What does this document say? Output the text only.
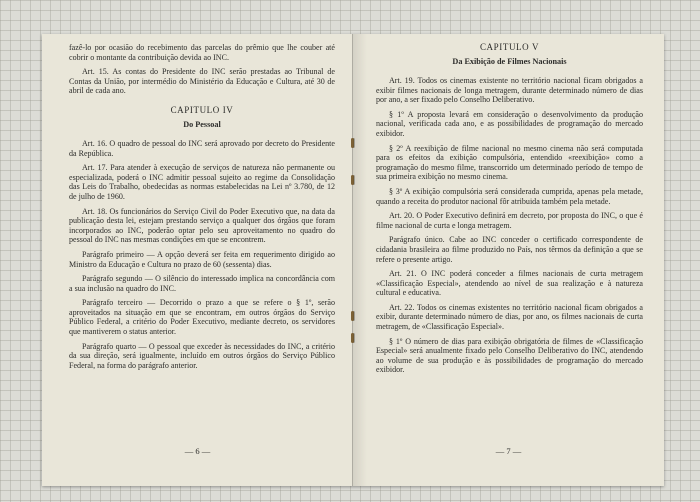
fazê-lo por ocasião do recebimento das parcelas do prêmio que lhe couber até cobrir o montante da contribuição devida ao INC.

Art. 15. As contas do Presidente do INC serão prestadas ao Tribunal de Contas da União, por intermédio do Ministério da Educação e Cultura, até 30 de abril de cada ano.

CAPITULO IV
Do Pessoal

Art. 16. O quadro de pessoal do INC será aprovado por decreto do Presidente da República.

Art. 17. Para atender à execução de serviços de natureza não permanente ou especializada, poderá o INC admitir pessoal sujeito ao regime da Consolidação das Leis do Trabalho, obedecidas as normas estabelecidas na Lei nº 3.780, de 12 de julho de 1960.

Art. 18. Os funcionários do Serviço Civil do Poder Executivo que, na data da publicação desta lei, estejam prestando serviço a qualquer dos órgãos que foram incorporados ao INC, poderão optar pelo seu aproveitamento no quadro do pessoal do INC nas mesmas condições em que se encontrem.

Parágrafo primeiro — A opção deverá ser feita em requerimento dirigido ao Ministro da Educação e Cultura no prazo de 60 (sessenta) dias.

Parágrafo segundo — O silêncio do interessado implica na concordância com a sua inclusão na quadro do INC.

Parágrafo terceiro — Decorrido o prazo a que se refere o § 1º, serão aproveitados na situação em que se encontram, em outros órgãos do Serviço Público Federal, a critério do Poder Executivo, mediante decreto, os servidores que mantiverem o status anterior.

Parágrafo quarto — O pessoal que exceder às necessidades do INC, a critério da sua direção, será igualmente, incluído em outros órgãos do Serviço Público Federal, na forma do parágrafo anterior.

— 6 —
CAPITULO V
Da Exibição de Filmes Nacionais

Art. 19. Todos os cinemas existente no território nacional ficam obrigados a exibir filmes nacionais de longa metragem, durante determinado número de dias por ano, a ser fixado pelo Conselho Deliberativo.

§ 1º A proposta levará em consideração o desenvolvimento da produção nacional, verificada cada ano, e as possibilidades de programação do mercado exibidor.

§ 2º A reexibição de filme nacional no mesmo cinema não será computada para os efeitos da exibição compulsória, entendido «reexibição» como a programação do mesmo filme, transcorrido um determinado período de tempo de sua primeira exibição no mesmo cinema.

§ 3º A exibição compulsória será considerada cumprida, apenas pela metade, quando a receita do produtor nacional fôr atribuida também pela metade.

Art. 20. O Poder Executivo definirá em decreto, por proposta do INC, o que é filme nacional de curta e longa metragem.

Parágrafo único. Cabe ao INC conceder o certificado correspondente de cidadania brasileira ao filme produzido no País, nos têrmos da definição a que se refere o presente artigo.

Art. 21. O INC poderá conceder a filmes nacionais de curta metragem «Classificação Especial», atendendo ao nível de sua realização e à natureza cultural e educativa.

Art. 22. Todos os cinemas existentes no território nacional ficam obrigados a exibir, durante determinado número de dias, por ano, os filmes nacionais de curta metragem, de «Classificação Especial».

§ 1º O número de dias para exibição obrigatória de filmes de «Classificação Especial» será anualmente fixado pelo Conselho Deliberativo do INC, atendendo ao volume de sua produção e às possibilidades de programação do mercado exibidor.

— 7 —
